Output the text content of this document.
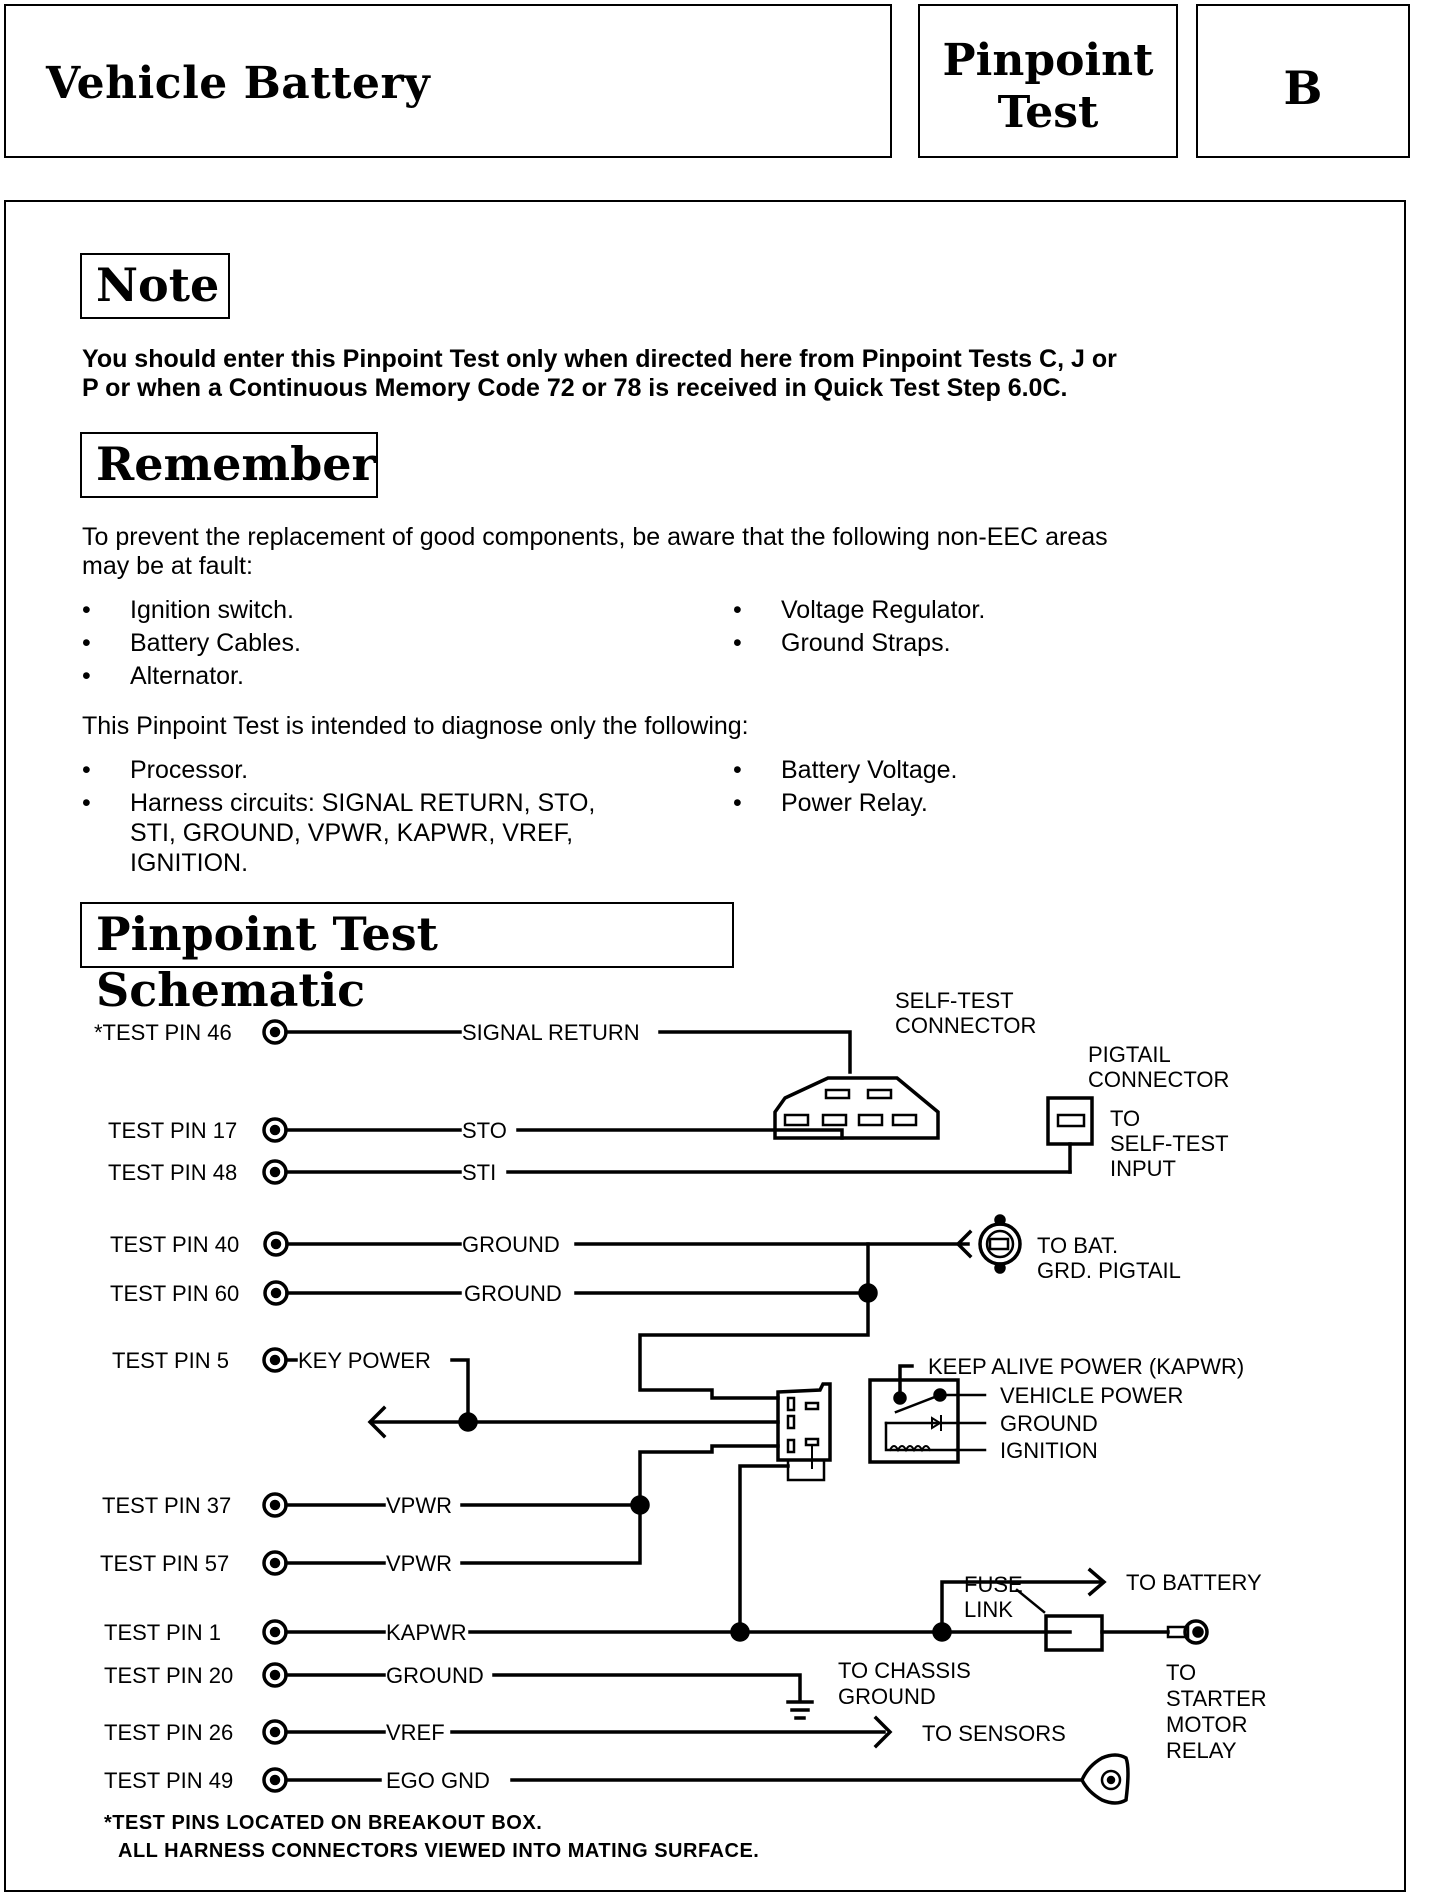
Vehicle Battery	Pinpoint
Test	B
Note
You should enter this Pinpoint Test only when directed here from Pinpoint Tests C, J or
P or when a Continuous Memory Code 72 or 78 is received in Quick Test Step 6.0C.
Remember
To prevent the replacement of good components, be aware that the following non-EEC areas
may be at fault:
• Ignition switch.
• Battery Cables.
• Alternator.
• Voltage Regulator.
• Ground Straps.
This Pinpoint Test is intended to diagnose only the following:
• Processor.
• Harness circuits: SIGNAL RETURN, STO,
STI, GROUND, VPWR, KAPWR, VREF,
IGNITION.
• Battery Voltage.
• Power Relay.
Pinpoint Test Schematic
*TEST PIN 46	SIGNAL RETURN
SELF-TEST
CONNECTOR
TEST PIN 17	STO
PIGTAIL
CONNECTOR
TO
SELF-TEST
INPUT
TEST PIN 48	STI
TEST PIN 40	GROUND	TO BAT.
GRD. PIGTAIL
TEST PIN 60	GROUND
TEST PIN 5	KEY POWER	KEEP ALIVE POWER (KAPWR)
VEHICLE POWER
GROUND
IGNITION
TEST PIN 37	VPWR
TEST PIN 57	VPWR
TEST PIN 1	KAPWR
TO BATTERY
FUSE
LINK
TO
STARTER
MOTOR
RELAY
TEST PIN 20	GROUND	TO CHASSIS
GROUND
TEST PIN 26	VREF	TO SENSORS
TEST PIN 49	EGO GND
*TEST PINS LOCATED ON BREAKOUT BOX.
ALL HARNESS CONNECTORS VIEWED INTO MATING SURFACE.
